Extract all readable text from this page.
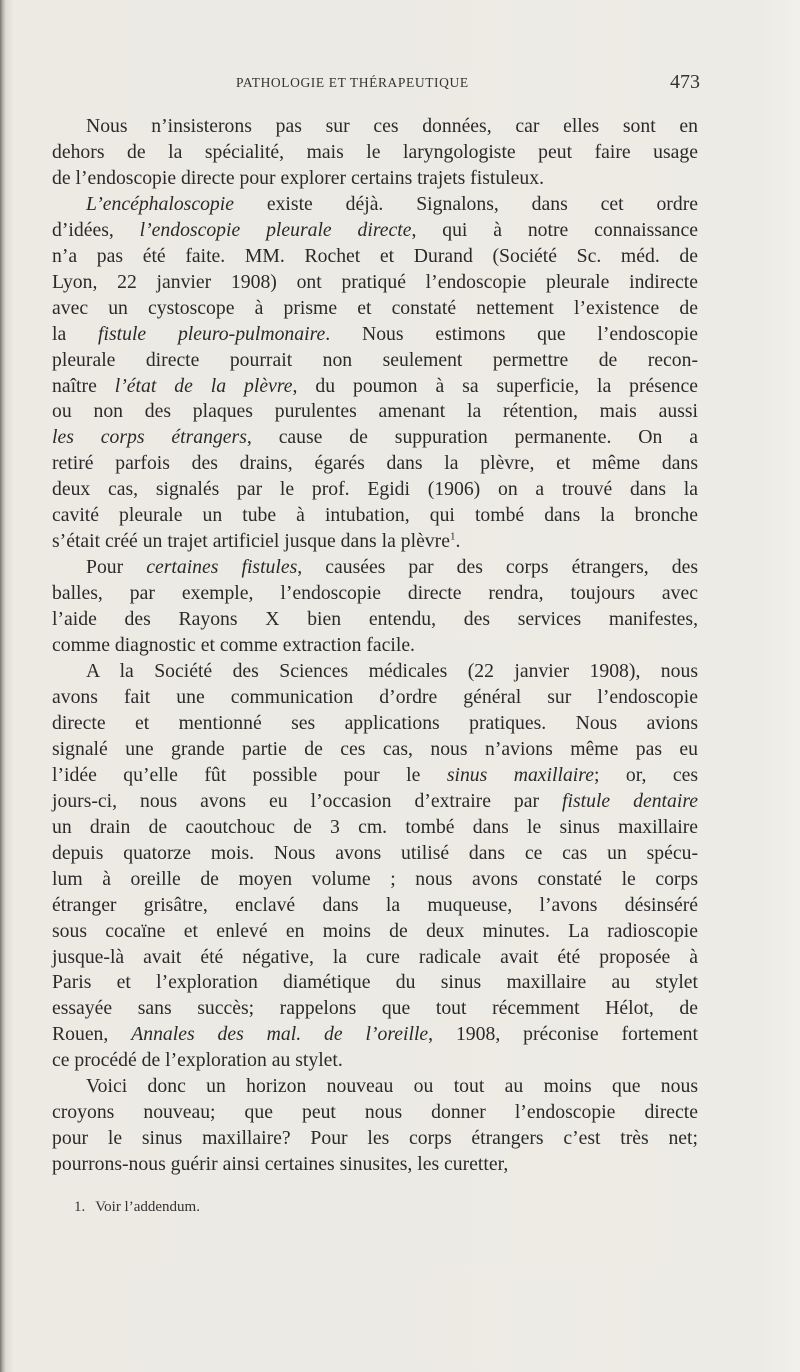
PATHOLOGIE ET THÉRAPEUTIQUE	473

Nous n’insisterons pas sur ces données, car elles sont en
dehors de la spécialité, mais le laryngologiste peut faire usage
de l’endoscopie directe pour explorer certains trajets fistuleux.

L’encéphaloscopie existe déjà. Signalons, dans cet ordre
d’idées, l’endoscopie pleurale directe, qui à notre connaissance
n’a pas été faite. MM. Rochet et Durand (Société Sc. méd. de
Lyon, 22 janvier 1908) ont pratiqué l’endoscopie pleurale indirecte
avec un cystoscope à prisme et constaté nettement l’existence de
la fistule pleuro-pulmonaire. Nous estimons que l’endoscopie
pleurale directe pourrait non seulement permettre de recon-
naître l’état de la plèvre, du poumon à sa superficie, la présence
ou non des plaques purulentes amenant la rétention, mais aussi
les corps étrangers, cause de suppuration permanente. On a
retiré parfois des drains, égarés dans la plèvre, et même dans
deux cas, signalés par le prof. Egidi (1906) on a trouvé dans la
cavité pleurale un tube à intubation, qui tombé dans la bronche
s’était créé un trajet artificiel jusque dans la plèvre$^1$.

Pour certaines fistules, causées par des corps étrangers, des
balles, par exemple, l’endoscopie directe rendra, toujours avec
l’aide des Rayons X bien entendu, des services manifestes,
comme diagnostic et comme extraction facile.

A la Société des Sciences médicales (22 janvier 1908), nous
avons fait une communication d’ordre général sur l’endoscopie
directe et mentionné ses applications pratiques. Nous avions
signalé une grande partie de ces cas, nous n’avions même pas eu
l’idée qu’elle fût possible pour le sinus maxillaire; or, ces
jours-ci, nous avons eu l’occasion d’extraire par fistule dentaire
un drain de caoutchouc de 3 cm. tombé dans le sinus maxillaire
depuis quatorze mois. Nous avons utilisé dans ce cas un spécu-
lum à oreille de moyen volume ; nous avons constaté le corps
étranger grisâtre, enclavé dans la muqueuse, l’avons désinséré
sous cocaïne et enlevé en moins de deux minutes. La radioscopie
jusque-là avait été négative, la cure radicale avait été proposée à
Paris et l’exploration diamétique du sinus maxillaire au stylet
essayée sans succès; rappelons que tout récemment Hélot, de
Rouen, Annales des mal. de l’oreille, 1908, préconise fortement
ce procédé de l’exploration au stylet.

Voici donc un horizon nouveau ou tout au moins que nous
croyons nouveau; que peut nous donner l’endoscopie directe
pour le sinus maxillaire? Pour les corps étrangers c’est très net;
pourrons-nous guérir ainsi certaines sinusites, les curetter,

1. Voir l’addendum.
